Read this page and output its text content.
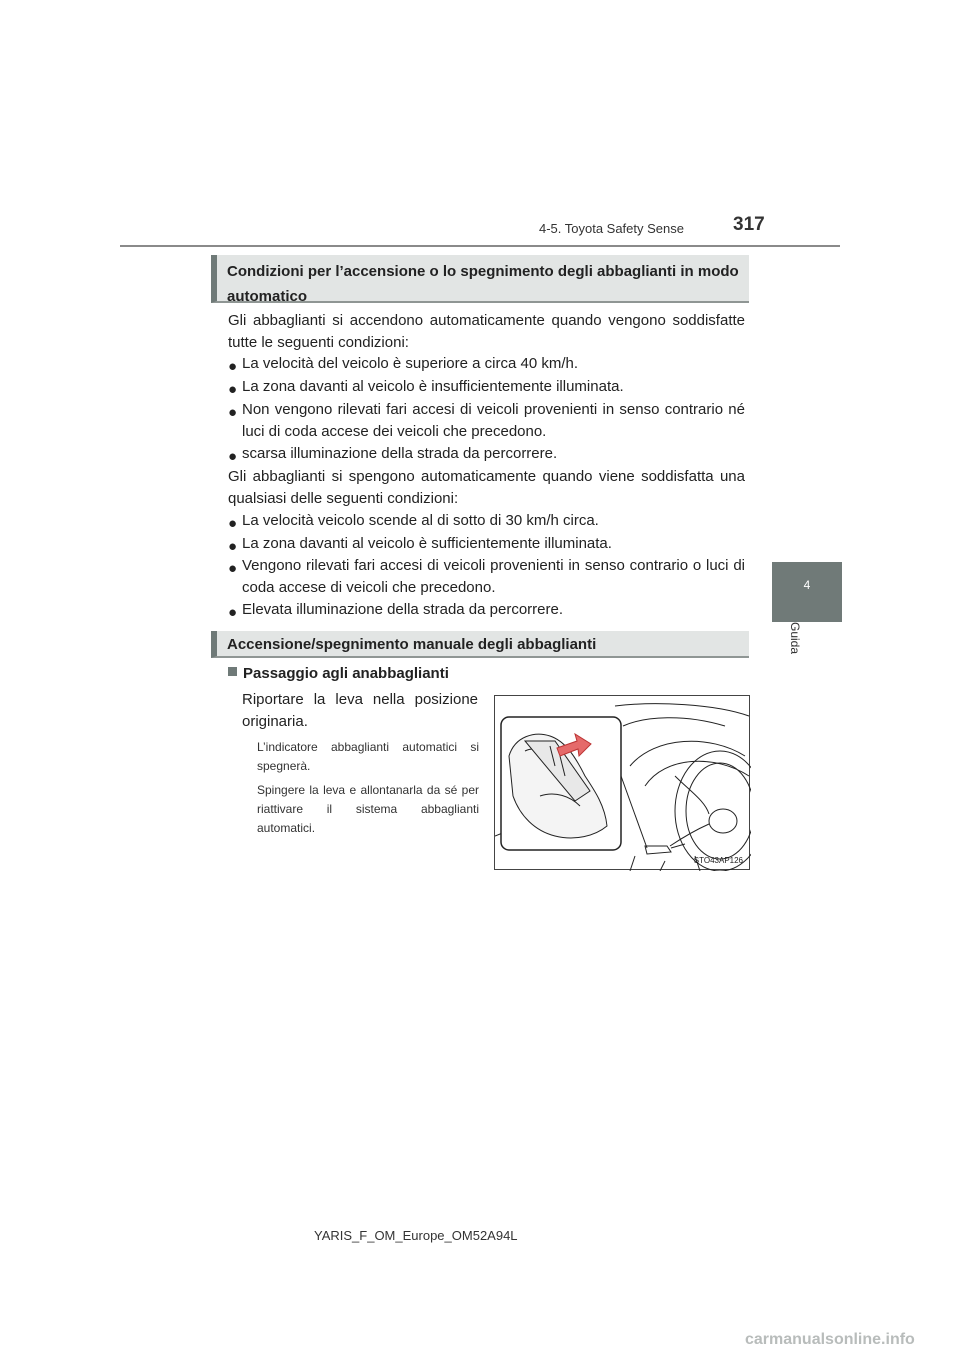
4-5. Toyota Safety Sense	317
4
Guida
Condizioni per l’accensione o lo spegnimento degli abbaglianti in modo automatico
Gli abbaglianti si accendono automaticamente quando vengono soddisfatte tutte le seguenti condizioni:
● La velocità del veicolo è superiore a circa 40 km/h.
● La zona davanti al veicolo è insufficientemente illuminata.
● Non vengono rilevati fari accesi di veicoli provenienti in senso contrario né luci di coda accese dei veicoli che precedono.
● scarsa illuminazione della strada da percorrere.
Gli abbaglianti si spengono automaticamente quando viene soddisfatta una qualsiasi delle seguenti condizioni:
● La velocità veicolo scende al di sotto di 30 km/h circa.
● La zona davanti al veicolo è sufficientemente illuminata.
● Vengono rilevati fari accesi di veicoli provenienti in senso contrario o luci di coda accese di veicoli che precedono.
● Elevata illuminazione della strada da percorrere.
Accensione/spegnimento manuale degli abbaglianti
Passaggio agli anabbaglianti
Riportare la leva nella posizione originaria.
L’indicatore abbaglianti automatici si spegnerà.
Spingere la leva e allontanarla da sé per riattivare il sistema abbaglianti automatici.
STO43AP126
YARIS_F_OM_Europe_OM52A94L
carmanualsonline.info
